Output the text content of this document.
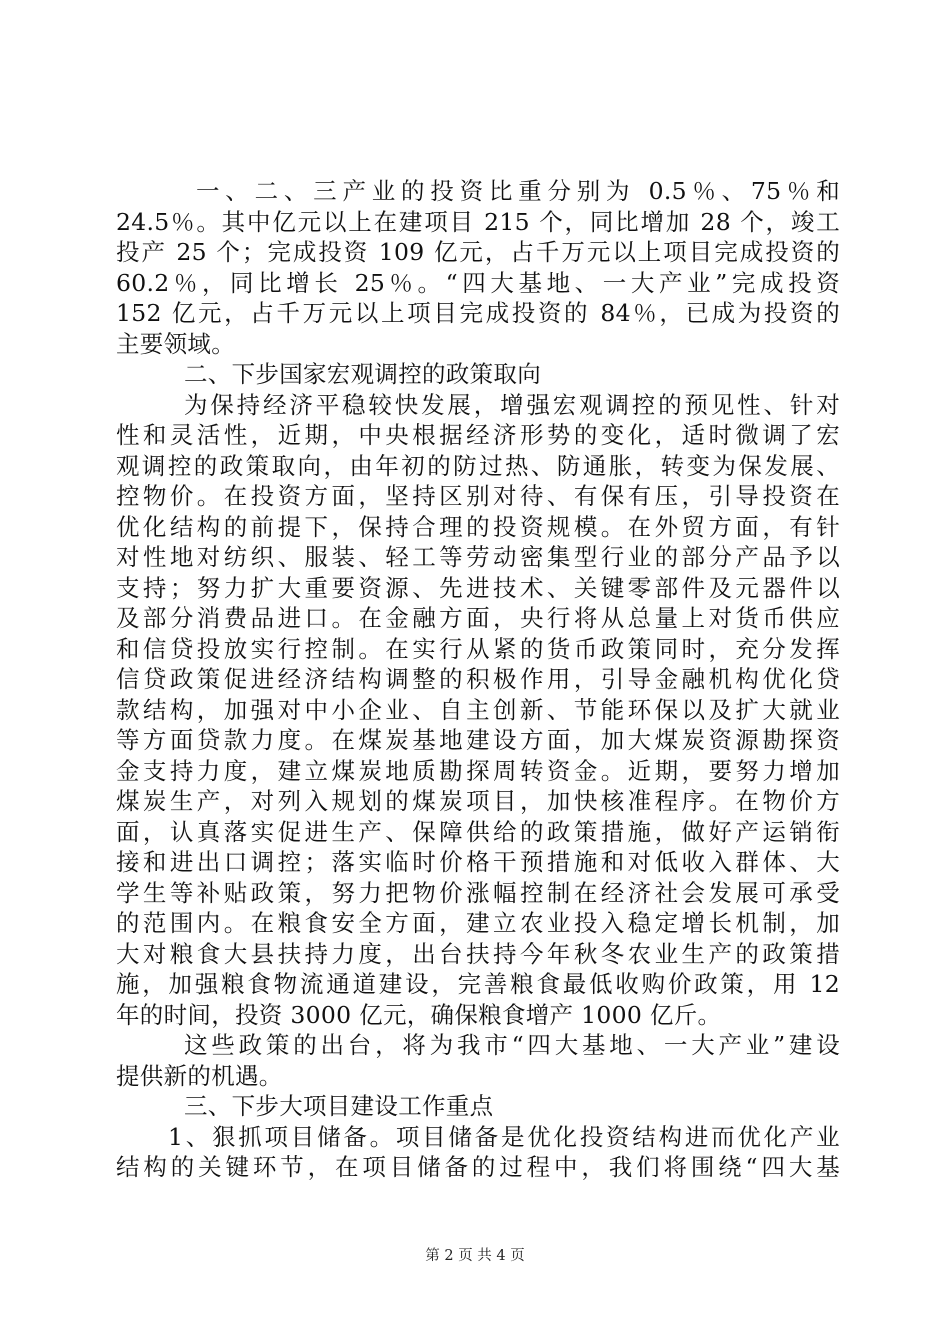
一、二、三产业的投资比重分别为 0.5％、75％和
24.5％。其中亿元以上在建项目 215 个，同比增加 28 个，竣工
投产 25 个；完成投资 109 亿元，占千万元以上项目完成投资的
60.2％，同比增长 25％。“四大基地、一大产业”完成投资
152 亿元，占千万元以上项目完成投资的 84％，已成为投资的
主要领域。
二、下步国家宏观调控的政策取向
为保持经济平稳较快发展，增强宏观调控的预见性、针对
性和灵活性，近期，中央根据经济形势的变化，适时微调了宏
观调控的政策取向，由年初的防过热、防通胀，转变为保发展、
控物价。在投资方面，坚持区别对待、有保有压，引导投资在
优化结构的前提下，保持合理的投资规模。在外贸方面，有针
对性地对纺织、服装、轻工等劳动密集型行业的部分产品予以
支持；努力扩大重要资源、先进技术、关键零部件及元器件以
及部分消费品进口。在金融方面，央行将从总量上对货币供应
和信贷投放实行控制。在实行从紧的货币政策同时，充分发挥
信贷政策促进经济结构调整的积极作用，引导金融机构优化贷
款结构，加强对中小企业、自主创新、节能环保以及扩大就业
等方面贷款力度。在煤炭基地建设方面，加大煤炭资源勘探资
金支持力度，建立煤炭地质勘探周转资金。近期，要努力增加
煤炭生产，对列入规划的煤炭项目，加快核准程序。在物价方
面，认真落实促进生产、保障供给的政策措施，做好产运销衔
接和进出口调控；落实临时价格干预措施和对低收入群体、大
学生等补贴政策，努力把物价涨幅控制在经济社会发展可承受
的范围内。在粮食安全方面，建立农业投入稳定增长机制，加
大对粮食大县扶持力度，出台扶持今年秋冬农业生产的政策措
施，加强粮食物流通道建设，完善粮食最低收购价政策，用 12
年的时间，投资 3000 亿元，确保粮食增产 1000 亿斤。
这些政策的出台，将为我市“四大基地、一大产业”建设
提供新的机遇。
三、下步大项目建设工作重点
1、狠抓项目储备。项目储备是优化投资结构进而优化产业
结构的关键环节，在项目储备的过程中，我们将围绕“四大基
第 2 页 共 4 页
